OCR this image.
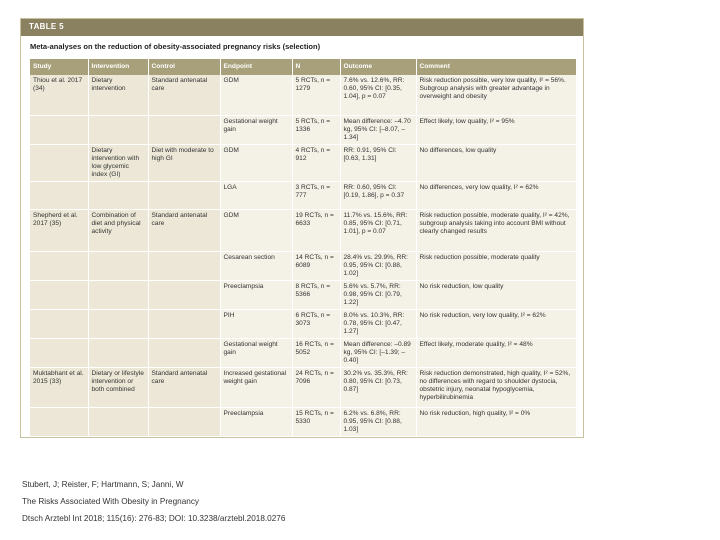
TABLE 5
Meta-analyses on the reduction of obesity-associated pregnancy risks (selection)
Study	Intervention	Control	Endpoint	N	Outcome	Comment
Thiou et al. 2017 (34)	Dietary intervention	Standard antenatal care	GDM	5 RCTs, n = 1279	7.6% vs. 12.6%, RR: 0.60, 95% CI: [0.35, 1.04], p = 0.07	Risk reduction possible, very low quality, I² = 56%. Subgroup analysis with greater advantage in overweight and obesity
			Gestational weight gain	5 RCTs, n = 1336	Mean difference: –4.70 kg, 95% CI: [–8.07, –1.34]	Effect likely, low quality, I² = 95%
	Dietary intervention with low glycemic index (GI)	Diet with moderate to high GI	GDM	4 RCTs, n = 912	RR: 0.91, 95% CI: [0.63, 1.31]	No differences, low quality
			LGA	3 RCTs, n = 777	RR: 0.60, 95% CI: [0.19, 1.86], p = 0.37	No differences, very low quality, I² = 62%
Shepherd et al. 2017 (35)	Combination of diet and physical activity	Standard antenatal care	GDM	19 RCTs, n = 6633	11.7% vs. 15.6%, RR: 0.85, 95% CI: [0.71, 1.01], p = 0.07	Risk reduction possible, moderate quality, I² = 42%, subgroup analysis taking into account BMI without clearly changed results
			Cesarean section	14 RCTs, n = 6089	28.4% vs. 29.9%, RR: 0.95, 95% CI: [0.88, 1.02]	Risk reduction possible, moderate quality
			Preeclampsia	8 RCTs, n = 5366	5.6% vs. 5.7%, RR: 0.98, 95% CI: [0.79, 1.22]	No risk reduction, low quality
			PIH	6 RCTs, n = 3073	8.0% vs. 10.3%, RR: 0.78, 95% CI: [0.47, 1.27]	No risk reduction, very low quality, I² = 62%
			Gestational weight gain	16 RCTs, n = 5052	Mean difference: –0.89 kg, 95% CI: [–1.39; –0.40]	Effect likely, moderate quality, I² = 48%
Muktabhant et al. 2015 (33)	Dietary or lifestyle intervention or both combined	Standard antenatal care	Increased gestational weight gain	24 RCTs, n = 7096	30.2% vs. 35.3%, RR: 0.80, 95% CI: [0.73, 0.87]	Risk reduction demonstrated, high quality, I² = 52%, no differences with regard to shoulder dystocia, obstetric injury, neonatal hypoglycemia, hyperbilirubinemia
			Preeclampsia	15 RCTs, n = 5330	6.2% vs. 6.8%, RR: 0.95, 95% CI: [0.88, 1.03]	No risk reduction, high quality, I² = 0%
Stubert, J; Reister, F; Hartmann, S; Janni, W
The Risks Associated With Obesity in Pregnancy
Dtsch Arztebl Int 2018; 115(16): 276-83; DOI: 10.3238/arztebl.2018.0276
